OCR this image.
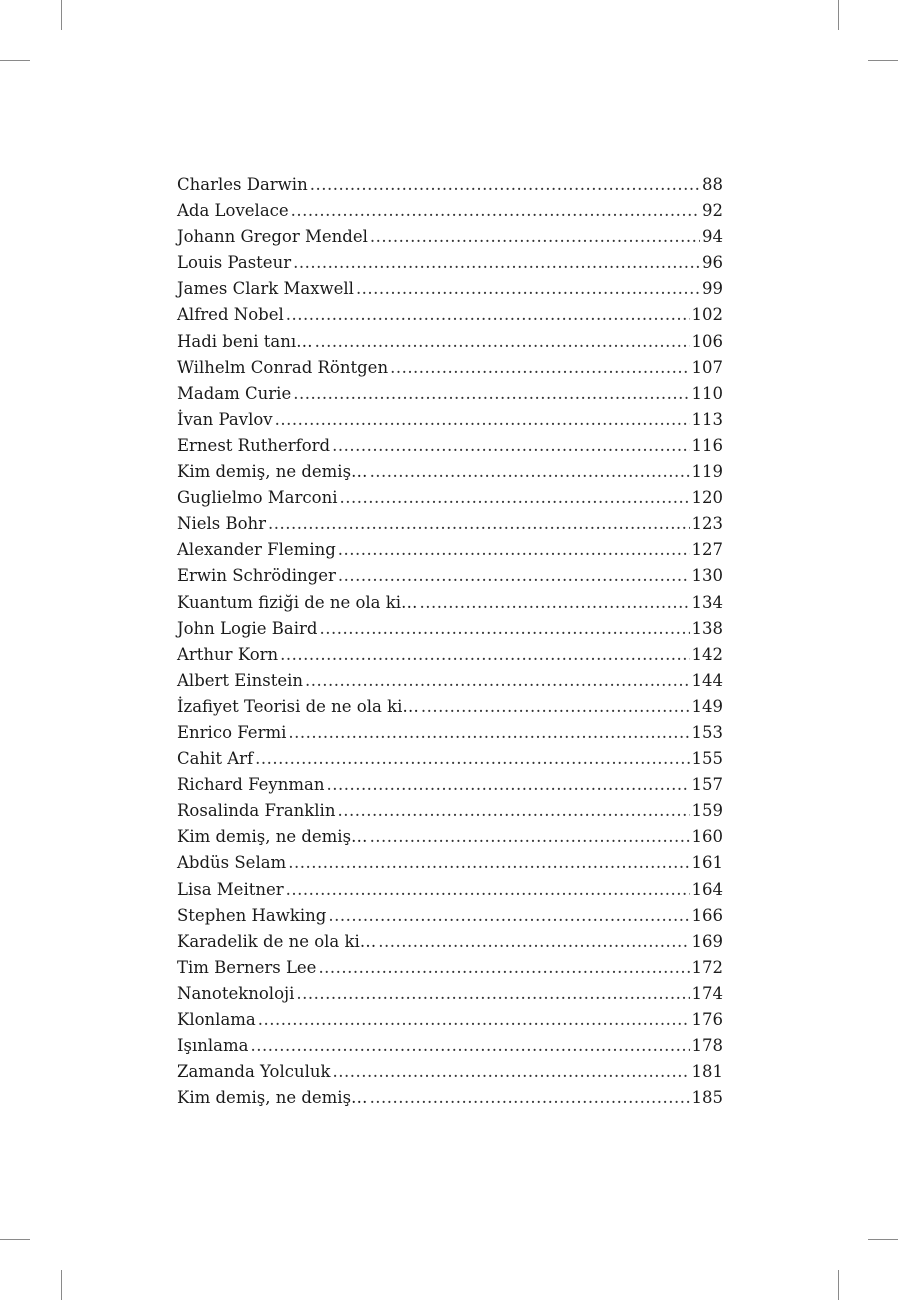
Charles Darwin .....	88
Ada Lovelace .....	92
Johann Gregor Mendel .....	94
Louis Pasteur .....	96
James Clark Maxwell .....	99
Alfred Nobel .....	102
Hadi beni tanı… .....	106
Wilhelm Conrad Röntgen .....	107
Madam Curie .....	110
İvan Pavlov .....	113
Ernest Rutherford .....	116
Kim demiş, ne demiş… .....	119
Guglielmo Marconi .....	120
Niels Bohr .....	123
Alexander Fleming .....	127
Erwin Schrödinger .....	130
Kuantum fiziği de ne ola ki… .....	134
John Logie Baird .....	138
Arthur Korn .....	142
Albert Einstein .....	144
İzafiyet Teorisi de ne ola ki… .....	149
Enrico Fermi .....	153
Cahit Arf .....	155
Richard Feynman .....	157
Rosalinda Franklin .....	159
Kim demiş, ne demiş… .....	160
Abdüs Selam .....	161
Lisa Meitner .....	164
Stephen Hawking .....	166
Karadelik de ne ola ki… .....	169
Tim Berners Lee .....	172
Nanoteknoloji .....	174
Klonlama .....	176
Işınlama .....	178
Zamanda Yolculuk .....	181
Kim demiş, ne demiş… .....	185
